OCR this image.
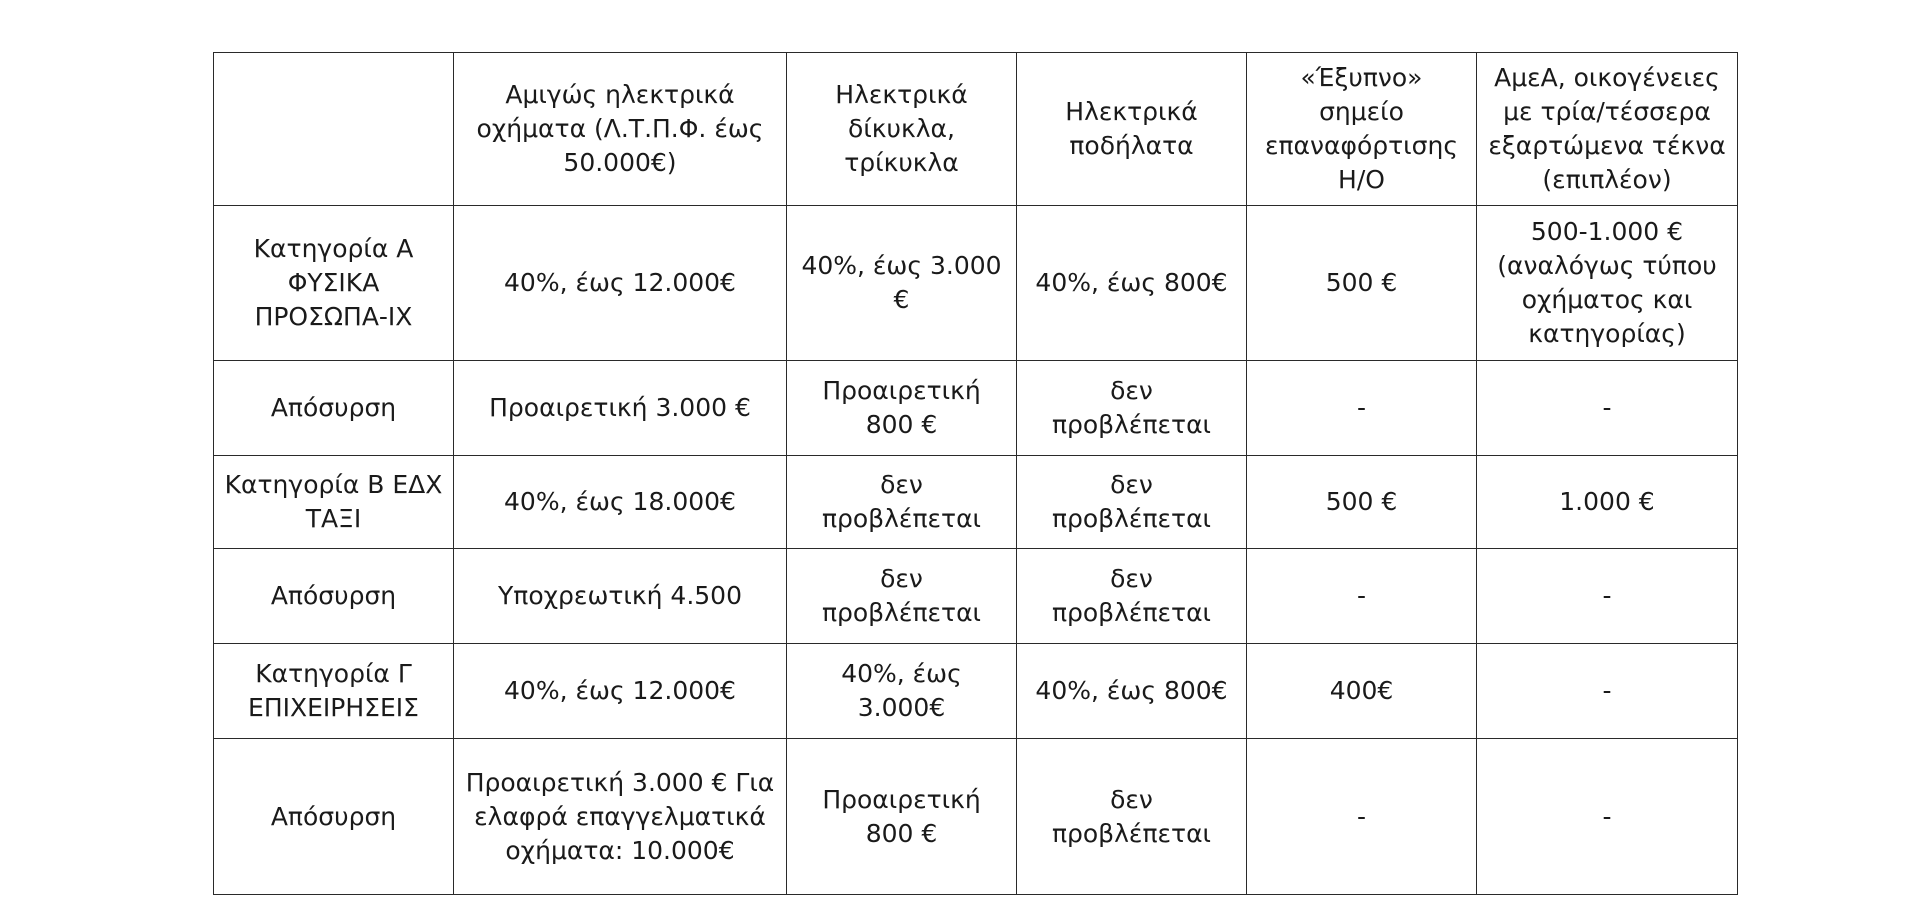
	Αμιγώς ηλεκτρικά οχήματα (Λ.Τ.Π.Φ. έως 50.000€)	Ηλεκτρικά δίκυκλα, τρίκυκλα	Ηλεκτρικά ποδήλατα	«Έξυπνο» σημείο επαναφόρτισης Η/Ο	ΑμεΑ, οικογένειες με τρία/τέσσερα εξαρτώμενα τέκνα (επιπλέον)
Κατηγορία Α ΦΥΣΙΚΑ ΠΡΟΣΩΠΑ-ΙΧ	40%, έως 12.000€	40%, έως 3.000 €	40%, έως 800€	500 €	500-1.000 € (αναλόγως τύπου οχήματος και κατηγορίας)
Απόσυρση	Προαιρετική 3.000 €	Προαιρετική 800 €	δεν προβλέπεται	-	-
Κατηγορία Β ΕΔΧ ΤΑΞΙ	40%, έως 18.000€	δεν προβλέπεται	δεν προβλέπεται	500 €	1.000 €
Απόσυρση	Υποχρεωτική 4.500	δεν προβλέπεται	δεν προβλέπεται	-	-
Κατηγορία Γ ΕΠΙΧΕΙΡΗΣΕΙΣ	40%, έως 12.000€	40%, έως 3.000€	40%, έως 800€	400€	-
Απόσυρση	Προαιρετική 3.000 € Για ελαφρά επαγγελματικά οχήματα: 10.000€	Προαιρετική 800 €	δεν προβλέπεται	-	-
